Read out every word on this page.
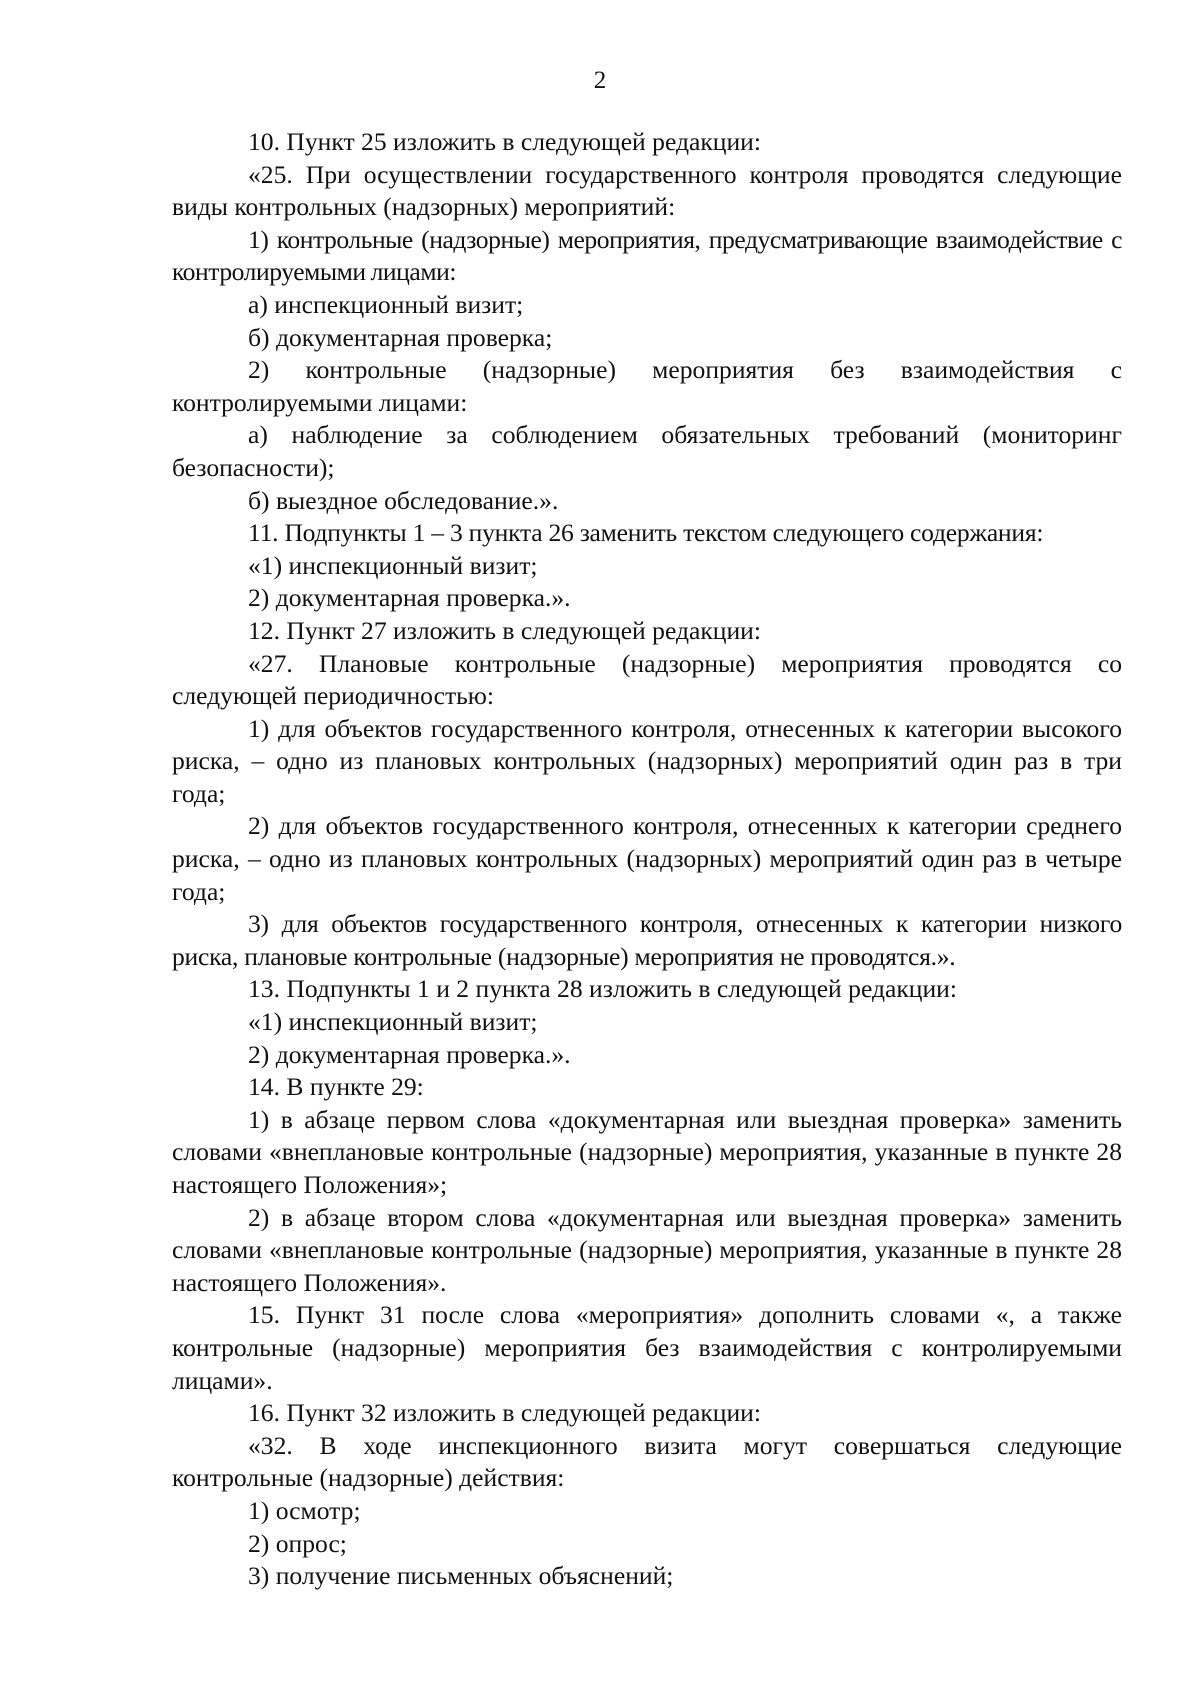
2

10. Пункт 25 изложить в следующей редакции:

«25. При осуществлении государственного контроля проводятся следующие виды контрольных (надзорных) мероприятий:

1) контрольные (надзорные) мероприятия, предусматривающие взаимодействие с контролируемыми лицами:

а) инспекционный визит;

б) документарная проверка;

2) контрольные (надзорные) мероприятия без взаимодействия с контролируемыми лицами:

а) наблюдение за соблюдением обязательных требований (мониторинг безопасности);

б) выездное обследование.».

11. Подпункты 1 – 3 пункта 26 заменить текстом следующего содержания:

«1) инспекционный визит;

2) документарная проверка.».

12. Пункт 27 изложить в следующей редакции:

«27. Плановые контрольные (надзорные) мероприятия проводятся со следующей периодичностью:

1) для объектов государственного контроля, отнесенных к категории высокого риска, – одно из плановых контрольных (надзорных) мероприятий один раз в три года;

2) для объектов государственного контроля, отнесенных к категории среднего риска, – одно из плановых контрольных (надзорных) мероприятий один раз в четыре года;

3) для объектов государственного контроля, отнесенных к категории низкого риска, плановые контрольные (надзорные) мероприятия не проводятся.».

13. Подпункты 1 и 2 пункта 28 изложить в следующей редакции:

«1) инспекционный визит;

2) документарная проверка.».

14. В пункте 29:

1) в абзаце первом слова «документарная или выездная проверка» заменить словами «внеплановые контрольные (надзорные) мероприятия, указанные в пункте 28 настоящего Положения»;

2) в абзаце втором слова «документарная или выездная проверка» заменить словами «внеплановые контрольные (надзорные) мероприятия, указанные в пункте 28 настоящего Положения».

15. Пункт 31 после слова «мероприятия» дополнить словами «, а также контрольные (надзорные) мероприятия без взаимодействия с контролируемыми лицами».

16. Пункт 32 изложить в следующей редакции:

«32. В ходе инспекционного визита могут совершаться следующие контрольные (надзорные) действия:

1) осмотр;

2) опрос;

3) получение письменных объяснений;
